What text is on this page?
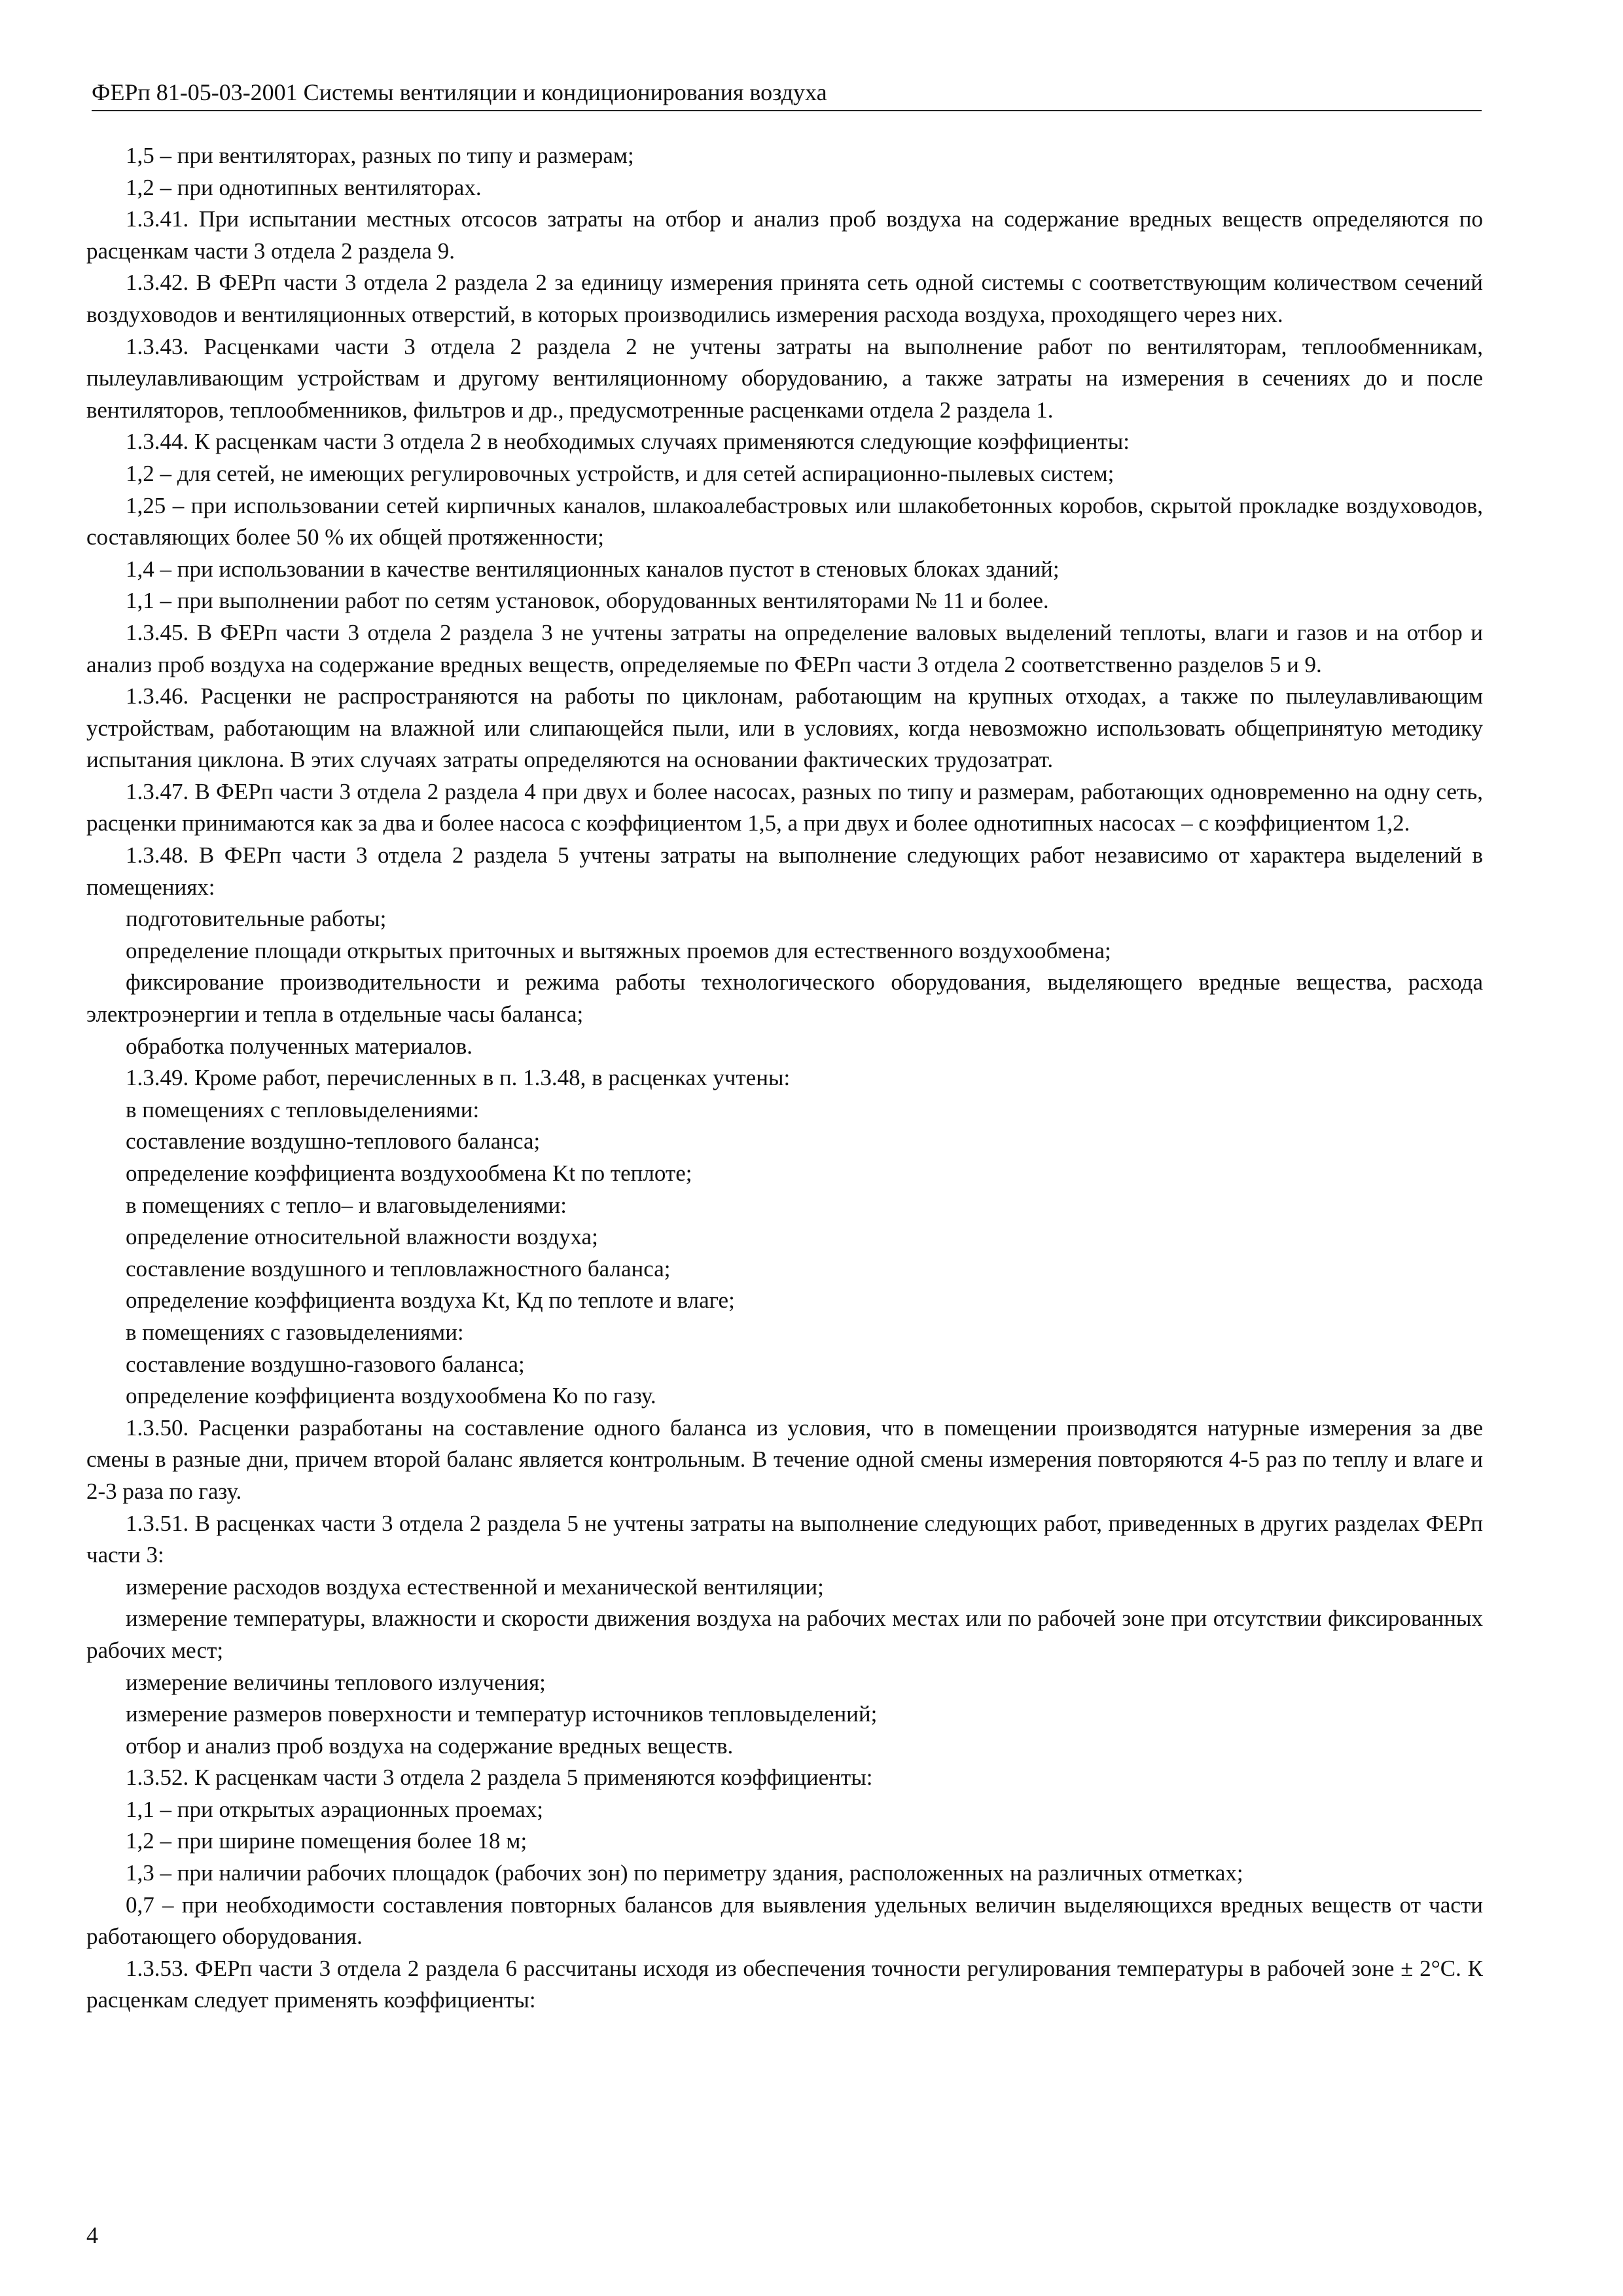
ФЕРп 81-05-03-2001 Системы вентиляции и кондиционирования воздуха

1,5 – при вентиляторах, разных по типу и размерам;

1,2 – при однотипных вентиляторах.

1.3.41. При испытании местных отсосов затраты на отбор и анализ проб воздуха на содержание вредных веществ определяются по расценкам части 3 отдела 2 раздела 9.

1.3.42. В ФЕРп части 3 отдела 2 раздела 2 за единицу измерения принята сеть одной системы с соответствующим количеством сечений воздуховодов и вентиляционных отверстий, в которых производились измерения расхода воздуха, проходящего через них.

1.3.43. Расценками части 3 отдела 2 раздела 2 не учтены затраты на выполнение работ по вентиляторам, теплообменникам, пылеулавливающим устройствам и другому вентиляционному оборудованию, а также затраты на измерения в сечениях до и после вентиляторов, теплообменников, фильтров и др., предусмотренные расценками отдела 2 раздела 1.

1.3.44. К расценкам части 3 отдела 2 в необходимых случаях применяются следующие коэффициенты:

1,2 – для сетей, не имеющих регулировочных устройств, и для сетей аспирационно-пылевых систем;

1,25 – при использовании сетей кирпичных каналов, шлакоалебастровых или шлакобетонных коробов, скрытой прокладке воздуховодов, составляющих более 50 % их общей протяженности;

1,4 – при использовании в качестве вентиляционных каналов пустот в стеновых блоках зданий;

1,1 – при выполнении работ по сетям установок, оборудованных вентиляторами № 11 и более.

1.3.45. В ФЕРп части 3 отдела 2 раздела 3 не учтены затраты на определение валовых выделений теплоты, влаги и газов и на отбор и анализ проб воздуха на содержание вредных веществ, определяемые по ФЕРп части 3 отдела 2 соответственно разделов 5 и 9.

1.3.46. Расценки не распространяются на работы по циклонам, работающим на крупных отходах, а также по пылеулавливающим устройствам, работающим на влажной или слипающейся пыли, или в условиях, когда невозможно использовать общепринятую методику испытания циклона. В этих случаях затраты определяются на основании фактических трудозатрат.

1.3.47. В ФЕРп части 3 отдела 2 раздела 4 при двух и более насосах, разных по типу и размерам, работающих одновременно на одну сеть, расценки принимаются как за два и более насоса с коэффициентом 1,5, а при двух и более однотипных насосах – с коэффициентом 1,2.

1.3.48. В ФЕРп части 3 отдела 2 раздела 5 учтены затраты на выполнение следующих работ независимо от характера выделений в помещениях:

подготовительные работы;

определение площади открытых приточных и вытяжных проемов для естественного воздухообмена;

фиксирование производительности и режима работы технологического оборудования, выделяющего вредные вещества, расхода электроэнергии и тепла в отдельные часы баланса;

обработка полученных материалов.

1.3.49. Кроме работ, перечисленных в п. 1.3.48, в расценках учтены:

в помещениях с тепловыделениями:

составление воздушно-теплового баланса;

определение коэффициента воздухообмена Kt по теплоте;

в помещениях с тепло– и влаговыделениями:

определение относительной влажности воздуха;

составление воздушного и тепловлажностного баланса;

определение коэффициента воздуха Kt, Кд по теплоте и влаге;

в помещениях с газовыделениями:

составление воздушно-газового баланса;

определение коэффициента воздухообмена Ко по газу.

1.3.50. Расценки разработаны на составление одного баланса из условия, что в помещении производятся натурные измерения за две смены в разные дни, причем второй баланс является контрольным. В течение одной смены измерения повторяются 4-5 раз по теплу и влаге и 2-3 раза по газу.

1.3.51. В расценках части 3 отдела 2 раздела 5 не учтены затраты на выполнение следующих работ, приведенных в других разделах ФЕРп части 3:

измерение расходов воздуха естественной и механической вентиляции;

измерение температуры, влажности и скорости движения воздуха на рабочих местах или по рабочей зоне при отсутствии фиксированных рабочих мест;

измерение величины теплового излучения;

измерение размеров поверхности и температур источников тепловыделений;

отбор и анализ проб воздуха на содержание вредных веществ.

1.3.52. К расценкам части 3 отдела 2 раздела 5 применяются коэффициенты:

1,1 – при открытых аэрационных проемах;

1,2 – при ширине помещения более 18 м;

1,3 – при наличии рабочих площадок (рабочих зон) по периметру здания, расположенных на различных отметках;

0,7 – при необходимости составления повторных балансов для выявления удельных величин выделяющихся вредных веществ от части работающего оборудования.

1.3.53. ФЕРп части 3 отдела 2 раздела 6 рассчитаны исходя из обеспечения точности регулирования температуры в рабочей зоне ± 2°С. К расценкам следует применять коэффициенты:

4
